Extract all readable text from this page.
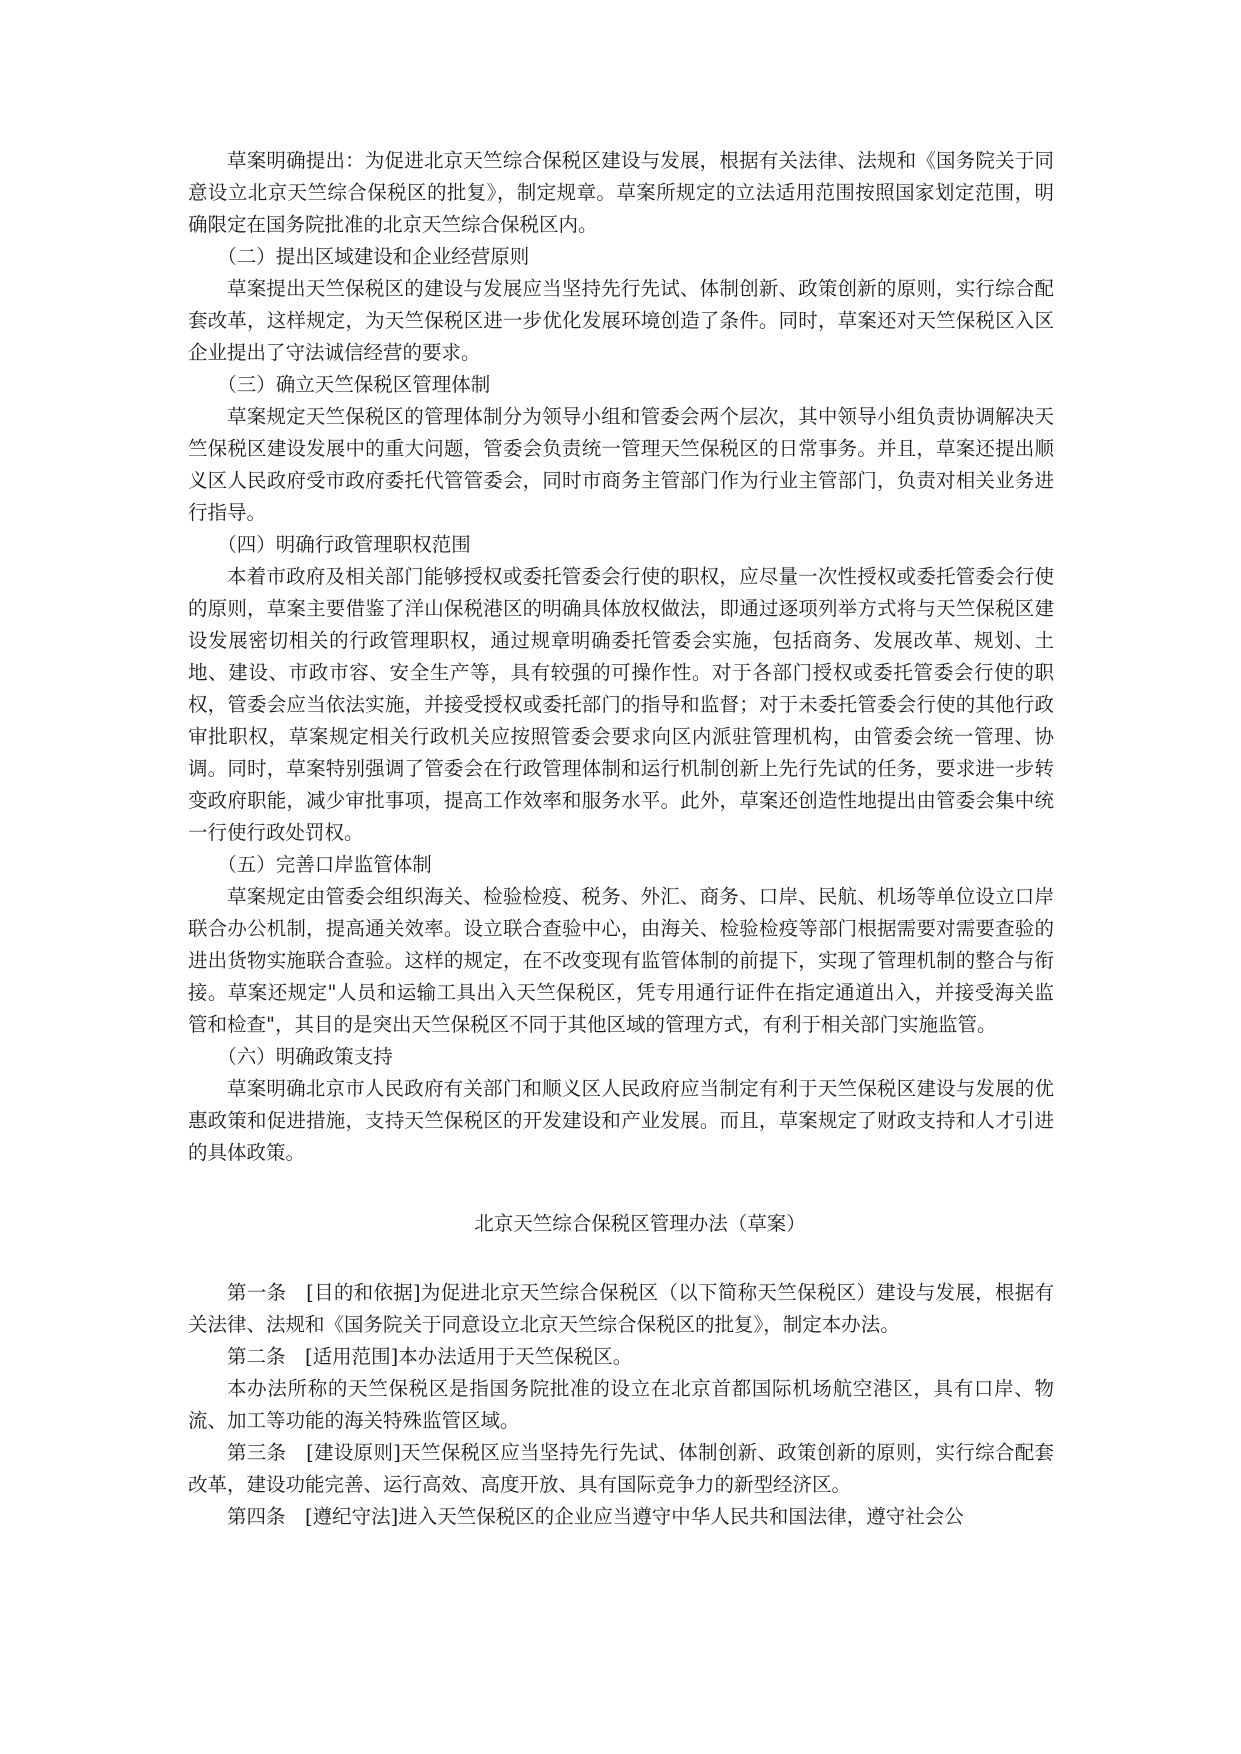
草案明确提出：为促进北京天竺综合保税区建设与发展，根据有关法律、法规和《国务院关于同意设立北京天竺综合保税区的批复》，制定规章。草案所规定的立法适用范围按照国家划定范围，明确限定在国务院批准的北京天竺综合保税区内。

（二）提出区域建设和企业经营原则

草案提出天竺保税区的建设与发展应当坚持先行先试、体制创新、政策创新的原则，实行综合配套改革，这样规定，为天竺保税区进一步优化发展环境创造了条件。同时，草案还对天竺保税区入区企业提出了守法诚信经营的要求。

（三）确立天竺保税区管理体制

草案规定天竺保税区的管理体制分为领导小组和管委会两个层次，其中领导小组负责协调解决天竺保税区建设发展中的重大问题，管委会负责统一管理天竺保税区的日常事务。并且，草案还提出顺义区人民政府受市政府委托代管管委会，同时市商务主管部门作为行业主管部门，负责对相关业务进行指导。

（四）明确行政管理职权范围

本着市政府及相关部门能够授权或委托管委会行使的职权，应尽量一次性授权或委托管委会行使的原则，草案主要借鉴了洋山保税港区的明确具体放权做法，即通过逐项列举方式将与天竺保税区建设发展密切相关的行政管理职权，通过规章明确委托管委会实施，包括商务、发展改革、规划、土地、建设、市政市容、安全生产等，具有较强的可操作性。对于各部门授权或委托管委会行使的职权，管委会应当依法实施，并接受授权或委托部门的指导和监督；对于未委托管委会行使的其他行政审批职权，草案规定相关行政机关应按照管委会要求向区内派驻管理机构，由管委会统一管理、协调。同时，草案特别强调了管委会在行政管理体制和运行机制创新上先行先试的任务，要求进一步转变政府职能，减少审批事项，提高工作效率和服务水平。此外，草案还创造性地提出由管委会集中统一行使行政处罚权。

（五）完善口岸监管体制

草案规定由管委会组织海关、检验检疫、税务、外汇、商务、口岸、民航、机场等单位设立口岸联合办公机制，提高通关效率。设立联合查验中心，由海关、检验检疫等部门根据需要对需要查验的进出货物实施联合查验。这样的规定，在不改变现有监管体制的前提下，实现了管理机制的整合与衔接。草案还规定"人员和运输工具出入天竺保税区，凭专用通行证件在指定通道出入，并接受海关监管和检查"，其目的是突出天竺保税区不同于其他区域的管理方式，有利于相关部门实施监管。

（六）明确政策支持

草案明确北京市人民政府有关部门和顺义区人民政府应当制定有利于天竺保税区建设与发展的优惠政策和促进措施，支持天竺保税区的开发建设和产业发展。而且，草案规定了财政支持和人才引进的具体政策。

北京天竺综合保税区管理办法（草案）

第一条　[目的和依据]为促进北京天竺综合保税区（以下简称天竺保税区）建设与发展，根据有关法律、法规和《国务院关于同意设立北京天竺综合保税区的批复》，制定本办法。

第二条　[适用范围]本办法适用于天竺保税区。

本办法所称的天竺保税区是指国务院批准的设立在北京首都国际机场航空港区，具有口岸、物流、加工等功能的海关特殊监管区域。

第三条　[建设原则]天竺保税区应当坚持先行先试、体制创新、政策创新的原则，实行综合配套改革，建设功能完善、运行高效、高度开放、具有国际竞争力的新型经济区。

第四条　[遵纪守法]进入天竺保税区的企业应当遵守中华人民共和国法律，遵守社会公
